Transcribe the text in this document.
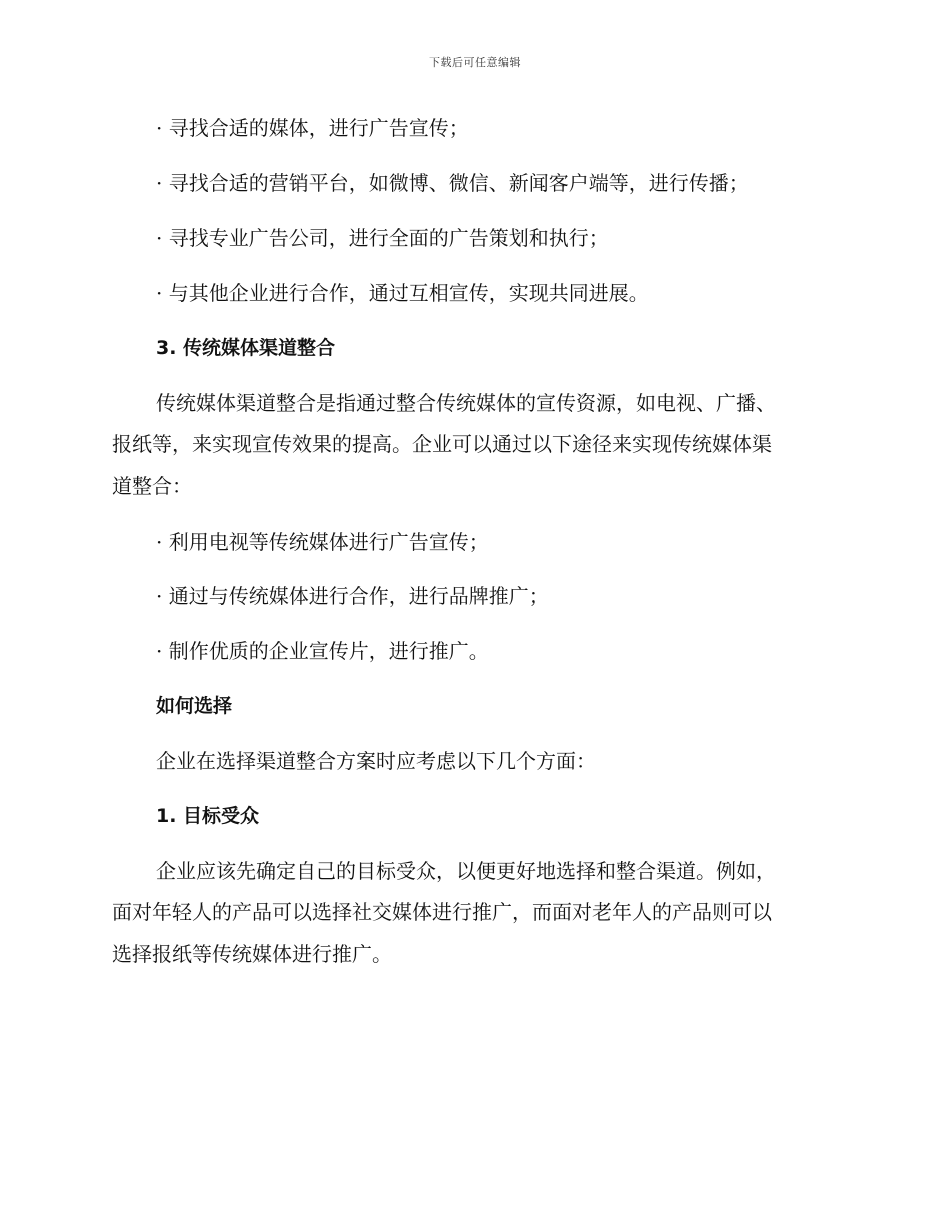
下载后可任意编辑
· 寻找合适的媒体，进行广告宣传；
· 寻找合适的营销平台，如微博、微信、新闻客户端等，进行传播；
· 寻找专业广告公司，进行全面的广告策划和执行；
· 与其他企业进行合作，通过互相宣传，实现共同进展。
3. 传统媒体渠道整合
传统媒体渠道整合是指通过整合传统媒体的宣传资源，如电视、广播、
报纸等，来实现宣传效果的提高。企业可以通过以下途径来实现传统媒体渠
道整合：
· 利用电视等传统媒体进行广告宣传；
· 通过与传统媒体进行合作，进行品牌推广；
· 制作优质的企业宣传片，进行推广。
如何选择
企业在选择渠道整合方案时应考虑以下几个方面：
1. 目标受众
企业应该先确定自己的目标受众，以便更好地选择和整合渠道。例如，
面对年轻人的产品可以选择社交媒体进行推广，而面对老年人的产品则可以
选择报纸等传统媒体进行推广。
